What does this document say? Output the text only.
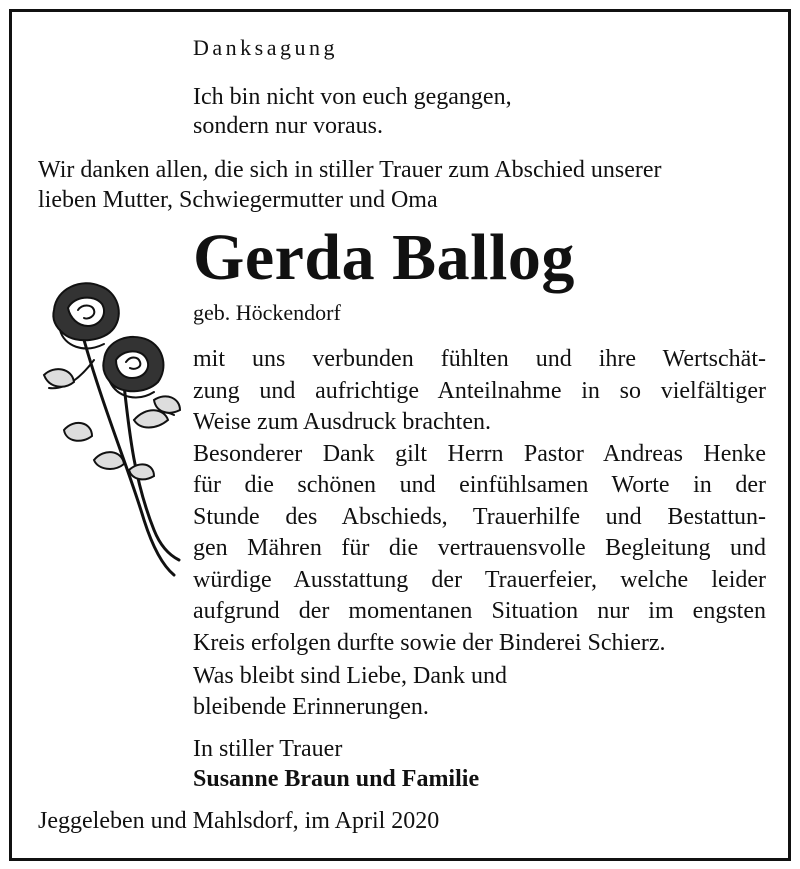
Danksagung
Ich bin nicht von euch gegangen,
sondern nur voraus.
Wir danken allen, die sich in stiller Trauer zum Abschied unserer
lieben Mutter, Schwiegermutter und Oma
Gerda Ballog
geb. Höckendorf
mit uns verbunden fühlten und ihre Wertschät-
zung und aufrichtige Anteilnahme in so vielfältiger
Weise zum Ausdruck brachten.
Besonderer Dank gilt Herrn Pastor Andreas Henke
für die schönen und einfühlsamen Worte in der
Stunde des Abschieds, Trauerhilfe und Bestattun-
gen Mähren für die vertrauensvolle Begleitung und
würdige Ausstattung der Trauerfeier, welche leider
aufgrund der momentanen Situation nur im engsten
Kreis erfolgen durfte sowie der Binderei Schierz.
Was bleibt sind Liebe, Dank und
bleibende Erinnerungen.
In stiller Trauer
Susanne Braun und Familie
Jeggeleben und Mahlsdorf, im April 2020
